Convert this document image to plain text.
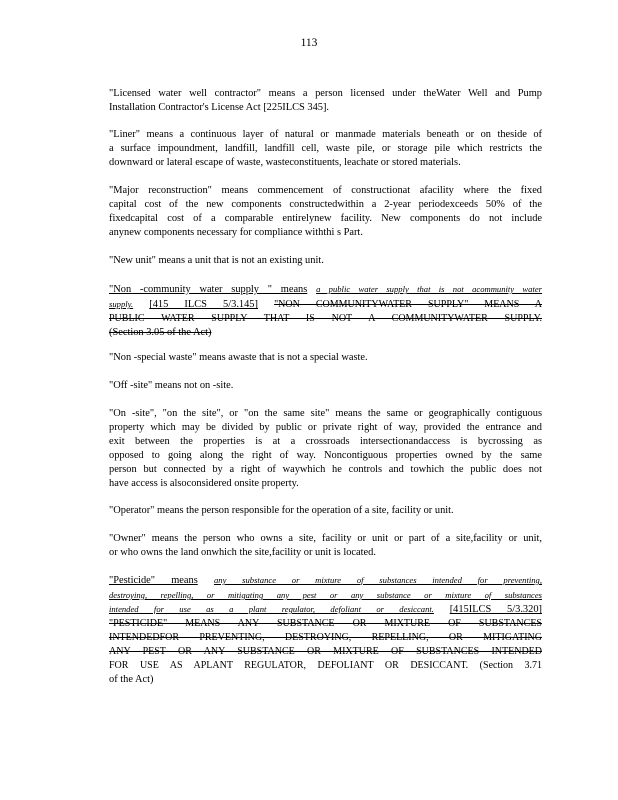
113
"Licensed water well contractor" means a person licensed under theWater Well and Pump
Installation Contractor's License Act [225ILCS 345].
"Liner" means a continuous layer of natural or manmade materials beneath or on theside of
a surface impoundment, landfill, landfill cell, waste pile, or storage pile which restricts the
downward or lateral escape of waste, wasteconstituents, leachate or stored materials.
"Major reconstruction" means commencement of constructionat afacility where the fixed
capital cost of the new components constructedwithin a 2-year periodexceeds 50% of the
fixedcapital cost of a comparable entirelynew facility. New components do not include
anynew components necessary for compliance withthi s Part.
"New unit" means a unit that is not an existing unit.
"Non -community water supply " means a public water supply that is not acommunity water
supply. [415 ILCS 5/3.145] "NON COMMUNITYWATER SUPPLY" MEANS A
PUBLIC WATER SUPPLY THAT IS NOT A COMMUNITYWATER SUPPLY.
(Section 3.05 of the Act)
"Non -special waste" means awaste that is not a special waste.
"Off -site" means not on -site.
"On -site", "on the site", or "on the same site" means the same or geographically contiguous
property which may be divided by public or private right of way, provided the entrance and
exit between the properties is at a crossroads intersectionandaccess is bycrossing as
opposed to going along the right of way. Noncontiguous properties owned by the same
person but connected by a right of waywhich he controls and towhich the public does not
have access is alsoconsidered onsite property.
"Operator" means the person responsible for the operation of a site, facility or unit.
"Owner" means the person who owns a site, facility or unit or part of a site,facility or unit,
or who owns the land onwhich the site,facility or unit is located.
"Pesticide" means any substance or mixture of substances intended for preventing,
destroying, repelling, or mitigating any pest or any substance or mixture of substances
intended for use as a plant regulator, defoliant or desiccant. [415ILCS 5/3.320]
"PESTICIDE" MEANS ANY SUBSTANCE OR MIXTURE OF SUBSTANCES
INTENDEDFOR PREVENTING, DESTROYING, REPELLING, OR MITIGATING
ANY PEST OR ANY SUBSTANCE OR MIXTURE OF SUBSTANCES INTENDED
FOR USE AS APLANT REGULATOR, DEFOLIANT OR DESICCANT. (Section 3.71
of the Act)
